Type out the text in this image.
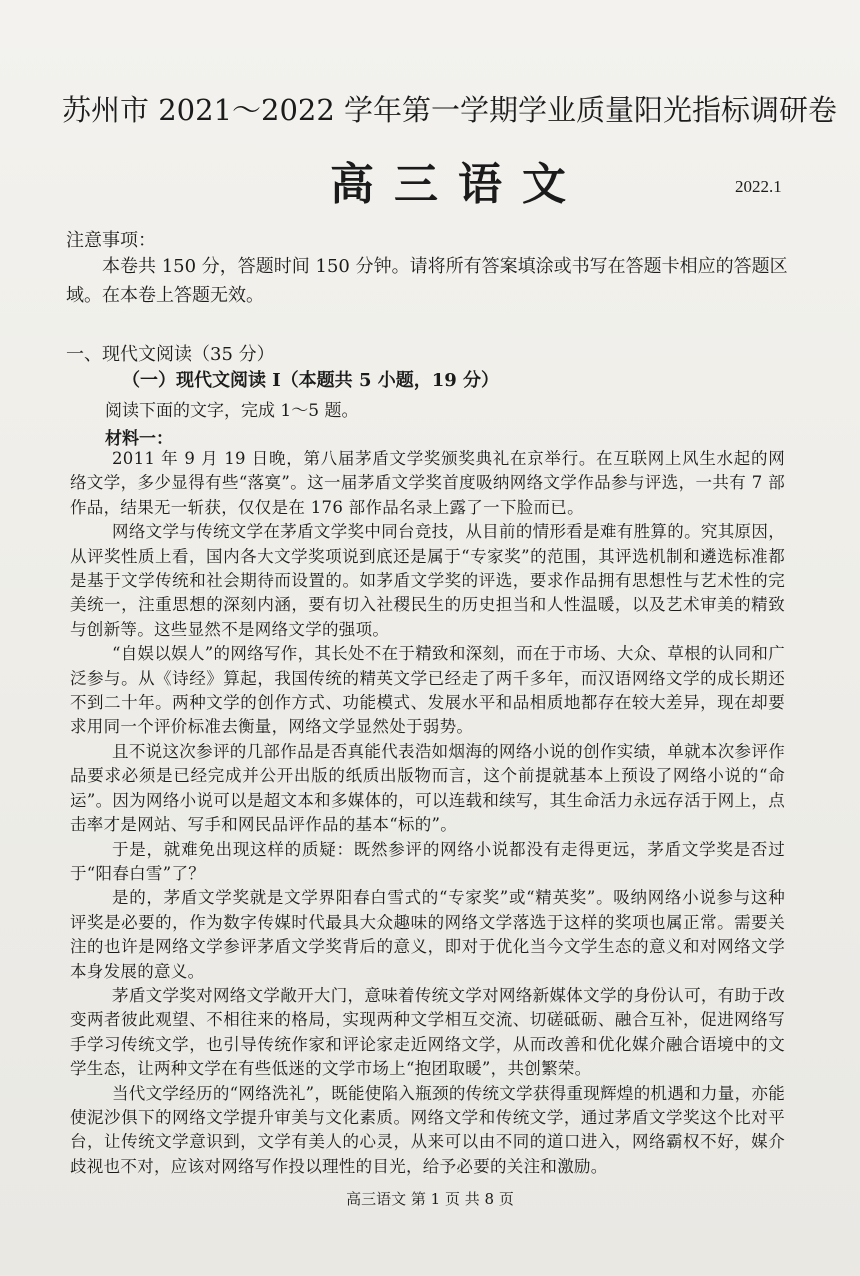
苏州市 2021～2022 学年第一学期学业质量阳光指标调研卷
高三语文	2022.1
注意事项：
本卷共 150 分，答题时间 150 分钟。请将所有答案填涂或书写在答题卡相应的答题区域。在本卷上答题无效。
一、现代文阅读（35 分）
（一）现代文阅读 I（本题共 5 小题，19 分）
阅读下面的文字，完成 1～5 题。
材料一：

2011 年 9 月 19 日晚，第八届茅盾文学奖颁奖典礼在京举行。在互联网上风生水起的网络文学，多少显得有些“落寞”。这一届茅盾文学奖首度吸纳网络文学作品参与评选，一共有 7 部作品，结果无一斩获，仅仅是在 176 部作品名录上露了一下脸而已。

网络文学与传统文学在茅盾文学奖中同台竞技，从目前的情形看是难有胜算的。究其原因，从评奖性质上看，国内各大文学奖项说到底还是属于“专家奖”的范围，其评选机制和遴选标准都是基于文学传统和社会期待而设置的。如茅盾文学奖的评选，要求作品拥有思想性与艺术性的完美统一，注重思想的深刻内涵，要有切入社稷民生的历史担当和人性温暖，以及艺术审美的精致与创新等。这些显然不是网络文学的强项。

“自娱以娱人”的网络写作，其长处不在于精致和深刻，而在于市场、大众、草根的认同和广泛参与。从《诗经》算起，我国传统的精英文学已经走了两千多年，而汉语网络文学的成长期还不到二十年。两种文学的创作方式、功能模式、发展水平和品相质地都存在较大差异，现在却要求用同一个评价标准去衡量，网络文学显然处于弱势。

且不说这次参评的几部作品是否真能代表浩如烟海的网络小说的创作实绩，单就本次参评作品要求必须是已经完成并公开出版的纸质出版物而言，这个前提就基本上预设了网络小说的“命运”。因为网络小说可以是超文本和多媒体的，可以连载和续写，其生命活力永远存活于网上，点击率才是网站、写手和网民品评作品的基本“标的”。

于是，就难免出现这样的质疑：既然参评的网络小说都没有走得更远，茅盾文学奖是否过于“阳春白雪”了？

是的，茅盾文学奖就是文学界阳春白雪式的“专家奖”或“精英奖”。吸纳网络小说参与这种评奖是必要的，作为数字传媒时代最具大众趣味的网络文学落选于这样的奖项也属正常。需要关注的也许是网络文学参评茅盾文学奖背后的意义，即对于优化当今文学生态的意义和对网络文学本身发展的意义。

茅盾文学奖对网络文学敞开大门，意味着传统文学对网络新媒体文学的身份认可，有助于改变两者彼此观望、不相往来的格局，实现两种文学相互交流、切磋砥砺、融合互补，促进网络写手学习传统文学，也引导传统作家和评论家走近网络文学，从而改善和优化媒介融合语境中的文学生态，让两种文学在有些低迷的文学市场上“抱团取暖”，共创繁荣。

当代文学经历的“网络洗礼”，既能使陷入瓶颈的传统文学获得重现辉煌的机遇和力量，亦能使泥沙俱下的网络文学提升审美与文化素质。网络文学和传统文学，通过茅盾文学奖这个比对平台，让传统文学意识到，文学有美人的心灵，从来可以由不同的道口进入，网络霸权不好，媒介歧视也不对，应该对网络写作投以理性的目光，给予必要的关注和激励。

高三语文 第 1 页 共 8 页
